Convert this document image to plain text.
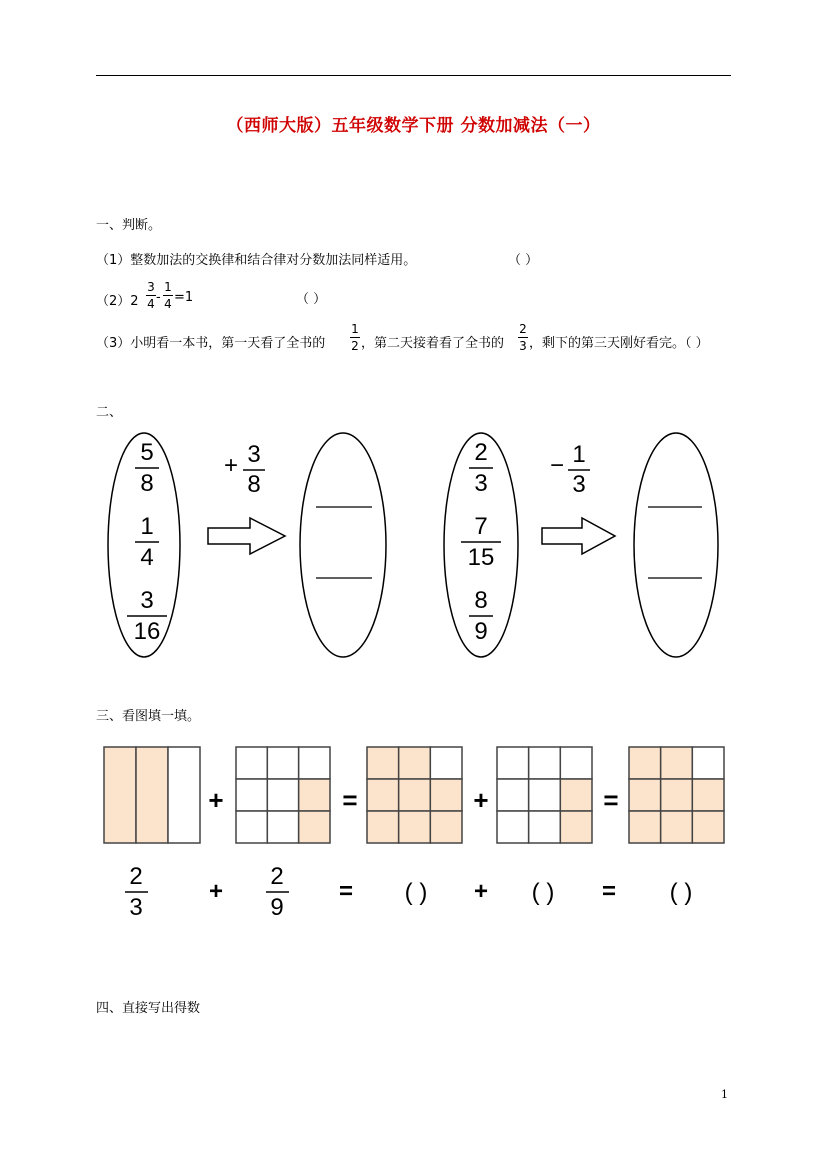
（西师大版）五年级数学下册 分数加减法（一）
一、判断。
（1）整数加法的交换律和结合律对分数加法同样适用。	（ ）
（2）2
3
4 -
1
4 =1	（ ）
（3）小明看一本书，第一天看了全书的
1
2 ，第二天接着看了全书的
2
3 ，剩下的第三天刚好看完。（ ）
二、
5
8
1
4
3
16
2
3
7
15
8
9
+ 3
8
− 1
3
三、看图填一填。
+	=	+	=
2
3
+
2
9
= ( ) + ( ) = ( )
四、直接写出得数
1
